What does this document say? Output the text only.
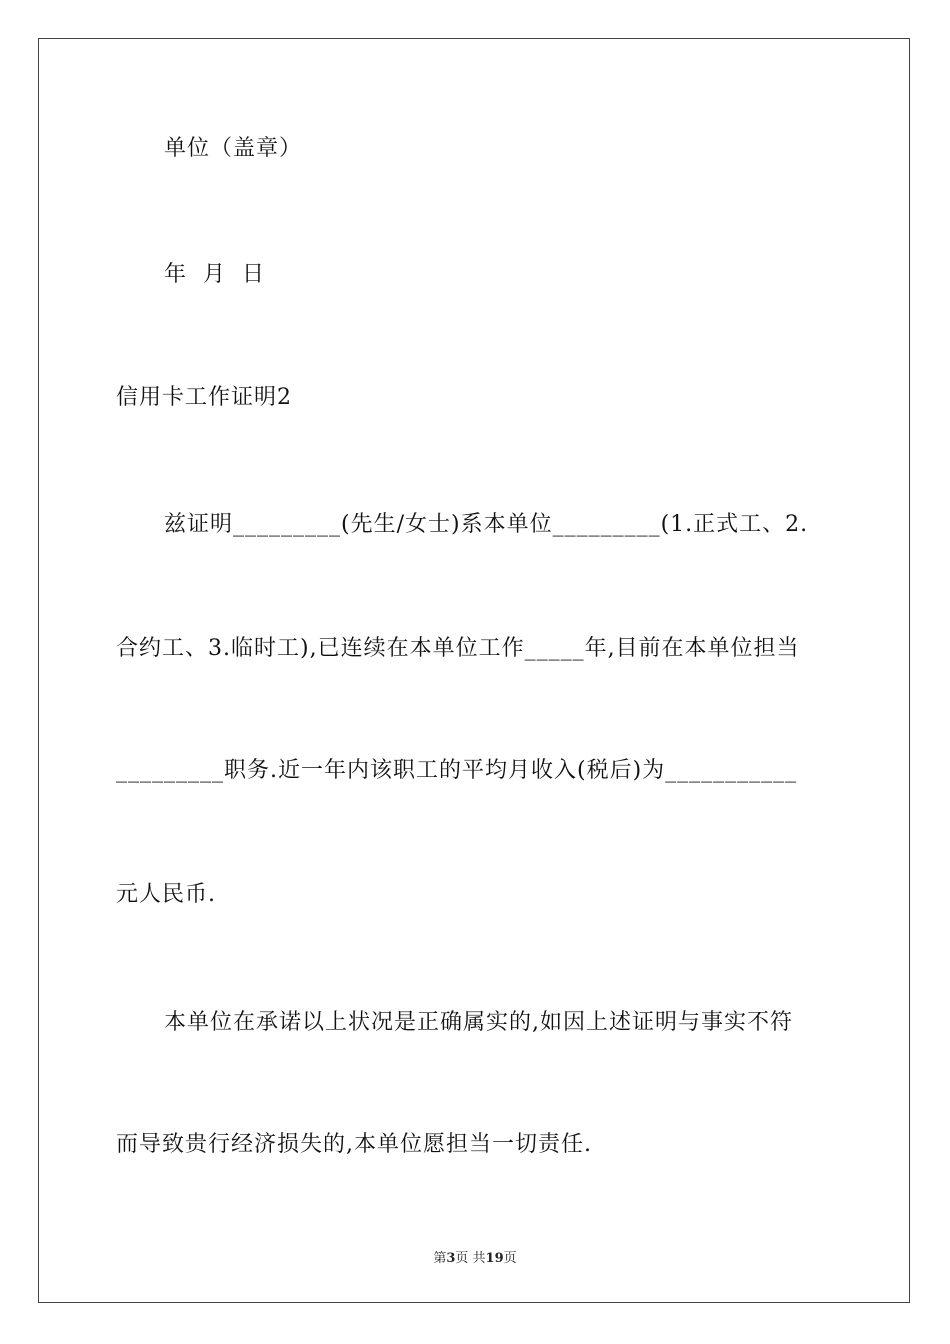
单位（盖章）
年  月  日
信用卡工作证明2
兹证明_________(先生/女士)系本单位_________(1.正式工、2.
合约工、3.临时工),已连续在本单位工作_____年,目前在本单位担当
_________职务.近一年内该职工的平均月收入(税后)为___________
元人民币.
本单位在承诺以上状况是正确属实的,如因上述证明与事实不符
而导致贵行经济损失的,本单位愿担当一切责任.
第3页 共19页
